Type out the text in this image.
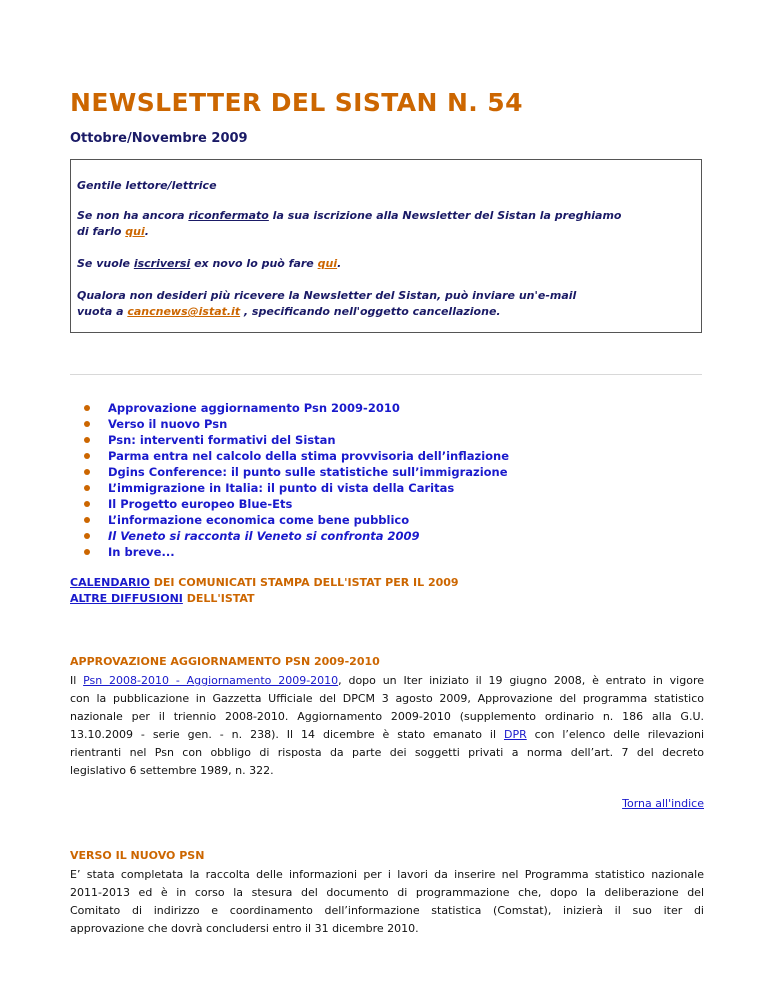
NEWSLETTER DEL SISTAN N. 54
Ottobre/Novembre 2009

Gentile lettore/lettrice

Se non ha ancora riconfermato la sua iscrizione alla Newsletter del Sistan la preghiamo

di farlo qui.

Se vuole iscriversi ex novo lo può fare qui.

Qualora non desideri più ricevere la Newsletter del Sistan, può inviare un'e-mail

vuota a cancnews@istat.it , specificando nell'oggetto cancellazione.

Approvazione aggiornamento Psn 2009-2010
Verso il nuovo Psn
Psn: interventi formativi del Sistan
Parma entra nel calcolo della stima provvisoria dell’inflazione
Dgins Conference: il punto sulle statistiche sull’immigrazione
L’immigrazione in Italia: il punto di vista della Caritas
Il Progetto europeo Blue-Ets
L’informazione economica come bene pubblico
Il Veneto si racconta il Veneto si confronta 2009
In breve...
CALENDARIO DEI COMUNICATI STAMPA DELL'ISTAT PER IL 2009
ALTRE DIFFUSIONI DELL'ISTAT
APPROVAZIONE AGGIORNAMENTO PSN 2009-2010
Il Psn 2008-2010 - Aggiornamento 2009-2010, dopo un Iter iniziato il 19 giugno 2008, è entrato in vigore
con la pubblicazione in Gazzetta Ufficiale del DPCM 3 agosto 2009, Approvazione del programma statistico
nazionale per il triennio 2008-2010. Aggiornamento 2009-2010 (supplemento ordinario n. 186 alla G.U.
13.10.2009 - serie gen. - n. 238). Il 14 dicembre è stato emanato il DPR con l’elenco delle rilevazioni
rientranti nel Psn con obbligo di risposta da parte dei soggetti privati a norma dell’art. 7 del decreto
legislativo 6 settembre 1989, n. 322.
Torna all'indice
VERSO IL NUOVO PSN
E’ stata completata la raccolta delle informazioni per i lavori da inserire nel Programma statistico nazionale
2011-2013 ed è in corso la stesura del documento di programmazione che, dopo la deliberazione del
Comitato di indirizzo e coordinamento dell’informazione statistica (Comstat), inizierà il suo iter di
approvazione che dovrà concludersi entro il 31 dicembre 2010.
